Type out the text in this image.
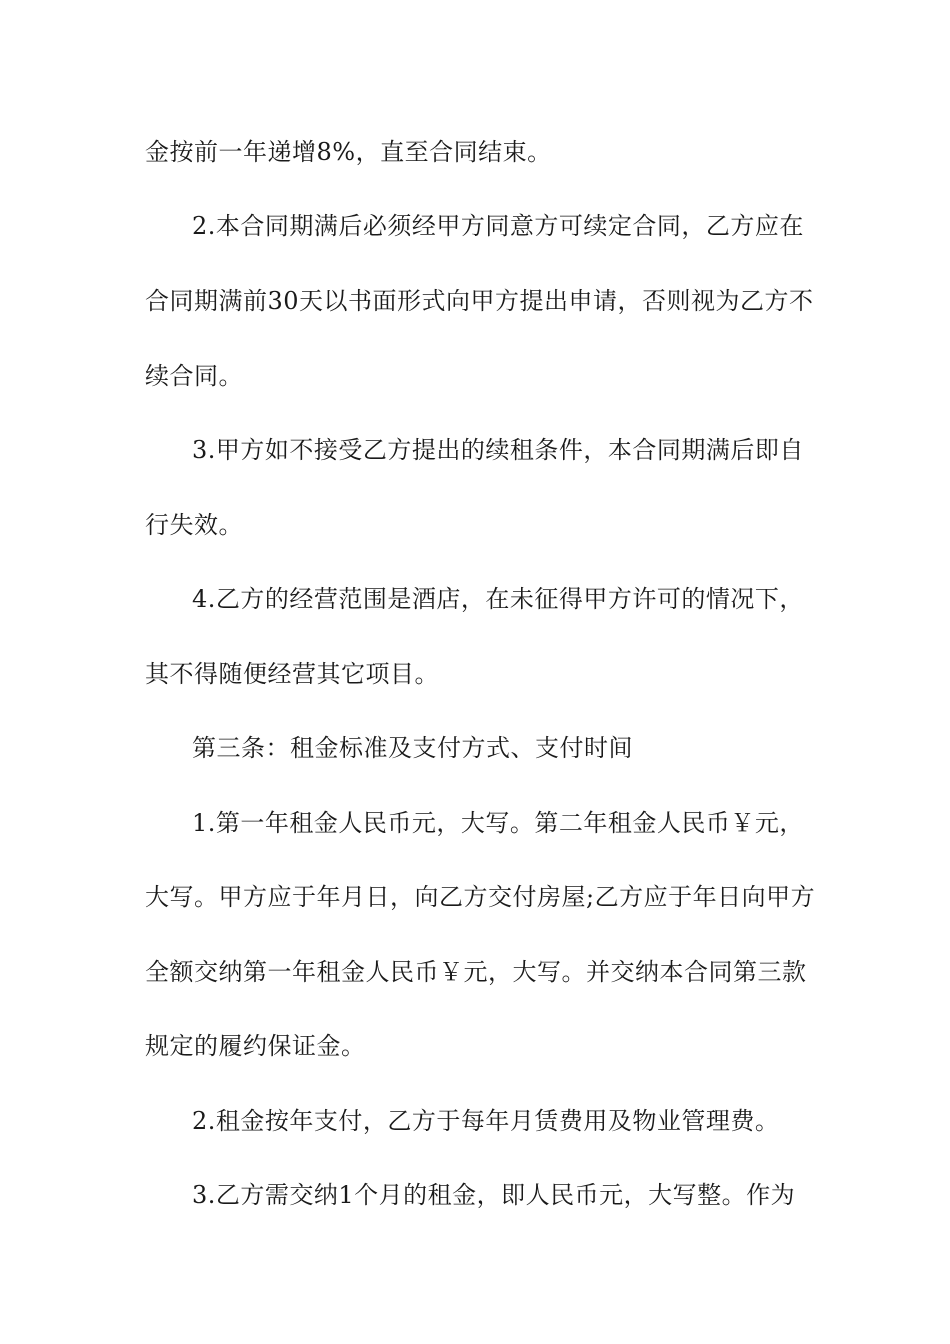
金按前一年递增8%，直至合同结束。
2.本合同期满后必须经甲方同意方可续定合同，乙方应在
合同期满前30天以书面形式向甲方提出申请，否则视为乙方不
续合同。
3.甲方如不接受乙方提出的续租条件，本合同期满后即自
行失效。
4.乙方的经营范围是酒店，在未征得甲方许可的情况下，
其不得随便经营其它项目。
第三条：租金标准及支付方式、支付时间
1.第一年租金人民币元，大写。第二年租金人民币￥元，
大写。甲方应于年月日，向乙方交付房屋;乙方应于年日向甲方
全额交纳第一年租金人民币￥元，大写。并交纳本合同第三款
规定的履约保证金。
2.租金按年支付，乙方于每年月赁费用及物业管理费。
3.乙方需交纳1个月的租金，即人民币元，大写整。作为
